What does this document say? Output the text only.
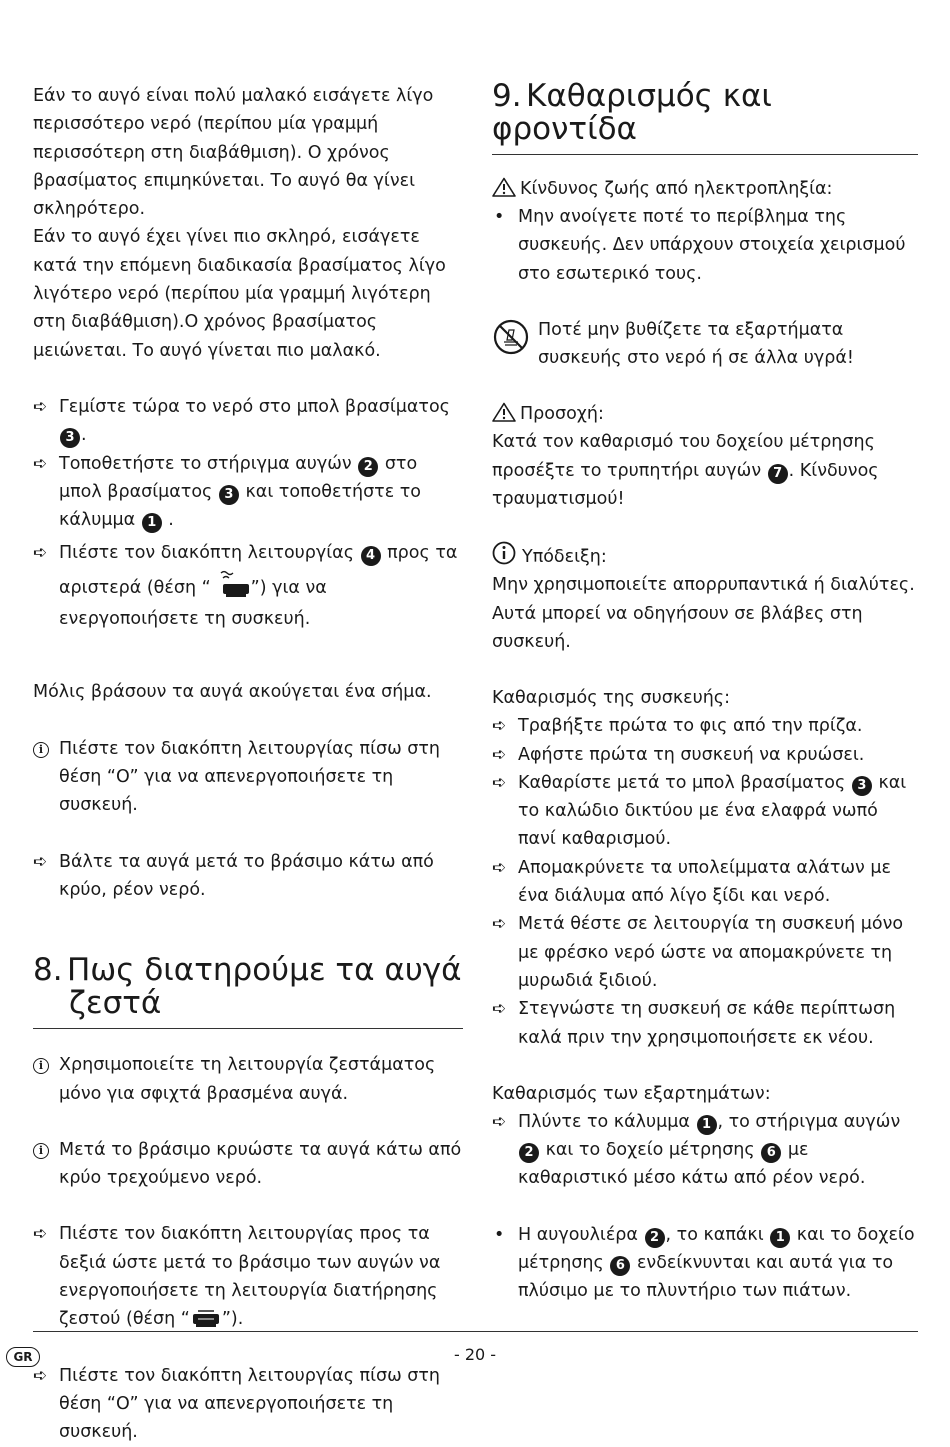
Εάν το αυγό είναι πολύ μαλακό εισάγετε λίγο περισσότερο νερό (περίπου μία γραμμή περισσότερη στη διαβάθμιση). Ο χρόνος βρασίματος επιμηκύνεται. Το αυγό θα γίνει σκληρότερο.

Εάν το αυγό έχει γίνει πιο σκληρό, εισάγετε κατά την επόμενη διαδικασία βρασίματος λίγο λιγότερο νερό (περίπου μία γραμμή λιγότερη στη διαβάθμιση).Ο χρόνος βρασίματος μειώνεται. Το αυγό γίνεται πιο μαλακό.

➪ Γεμίστε τώρα το νερό στο μπολ βρασίματος 3 .
➪ Τοποθετήστε το στήριγμα αυγών 2 στο μπολ βρασίματος 3 και τοποθετήστε το κάλυμμα 1 .
➪ Πιέστε τον διακόπτη λειτουργίας 4 προς τα αριστερά (θέση “ ”) για να ενεργοποιήσετε τη συσκευή.

Μόλις βράσουν τα αυγά ακούγεται ένα σήμα.

i Πιέστε τον διακόπτη λειτουργίας πίσω στη θέση “O” για να απενεργοποιήσετε τη συσκευή.
➪ Βάλτε τα αυγά μετά το βράσιμο κάτω από κρύο, ρέον νερό.
8. Πως διατηρούμε τα αυγά
ζεστά
i Χρησιμοποιείτε τη λειτουργία ζεστάματος μόνο για σφιχτά βρασμένα αυγά.
i Μετά το βράσιμο κρυώστε τα αυγά κάτω από κρύο τρεχούμενο νερό.
➪ Πιέστε τον διακόπτη λειτουργίας προς τα δεξιά ώστε μετά το βράσιμο των αυγών να ενεργοποιήσετε τη λειτουργία διατήρησης ζεστού (θέση “ ”).
➪ Πιέστε τον διακόπτη λειτουργίας πίσω στη θέση “O” για να απενεργοποιήσετε τη συσκευή.
9. Καθαρισμός και φροντίδα
Κίνδυνος ζωής από ηλεκτροπληξία:
• Μην ανοίγετε ποτέ το περίβλημα της συσκευής. Δεν υπάρχουν στοιχεία χειρισμού στο εσωτερικό τους.
Ποτέ μην βυθίζετε τα εξαρτήματα συσκευής στο νερό ή σε άλλα υγρά!
Προσοχή:

Κατά τον καθαρισμό του δοχείου μέτρησης προσέξτε το τρυπητήρι αυγών 7 . Κίνδυνος τραυματισμού!

Υπόδειξη:

Μην χρησιμοποιείτε απορρυπαντικά ή διαλύτες. Αυτά μπορεί να οδηγήσουν σε βλάβες στη συσκευή.

Καθαρισμός της συσκευής:
➪ Τραβήξτε πρώτα το φις από την πρίζα.
➪ Αφήστε πρώτα τη συσκευή να κρυώσει.
➪ Καθαρίστε μετά το μπολ βρασίματος 3 και το καλώδιο δικτύου με ένα ελαφρά νωπό πανί καθαρισμού.
➪ Απομακρύνετε τα υπολείμματα αλάτων με ένα διάλυμα από λίγο ξίδι και νερό.
➪ Μετά θέστε σε λειτουργία τη συσκευή μόνο με φρέσκο νερό ώστε να απομακρύνετε τη μυρωδιά ξιδιού.
➪ Στεγνώστε τη συσκευή σε κάθε περίπτωση καλά πριν την χρησιμοποιήσετε εκ νέου.
Καθαρισμός των εξαρτημάτων:
➪ Πλύντε το κάλυμμα 1 , το στήριγμα αυγών 2 και το δοχείο μέτρησης 6 με καθαριστικό μέσο κάτω από ρέον νερό.
• Η αυγουλιέρα 2 , το καπάκι 1 και το δοχείο μέτρησης 6 ενδείκνυνται και αυτά για το πλύσιμο με το πλυντήριο των πιάτων.
GR	- 20 -
